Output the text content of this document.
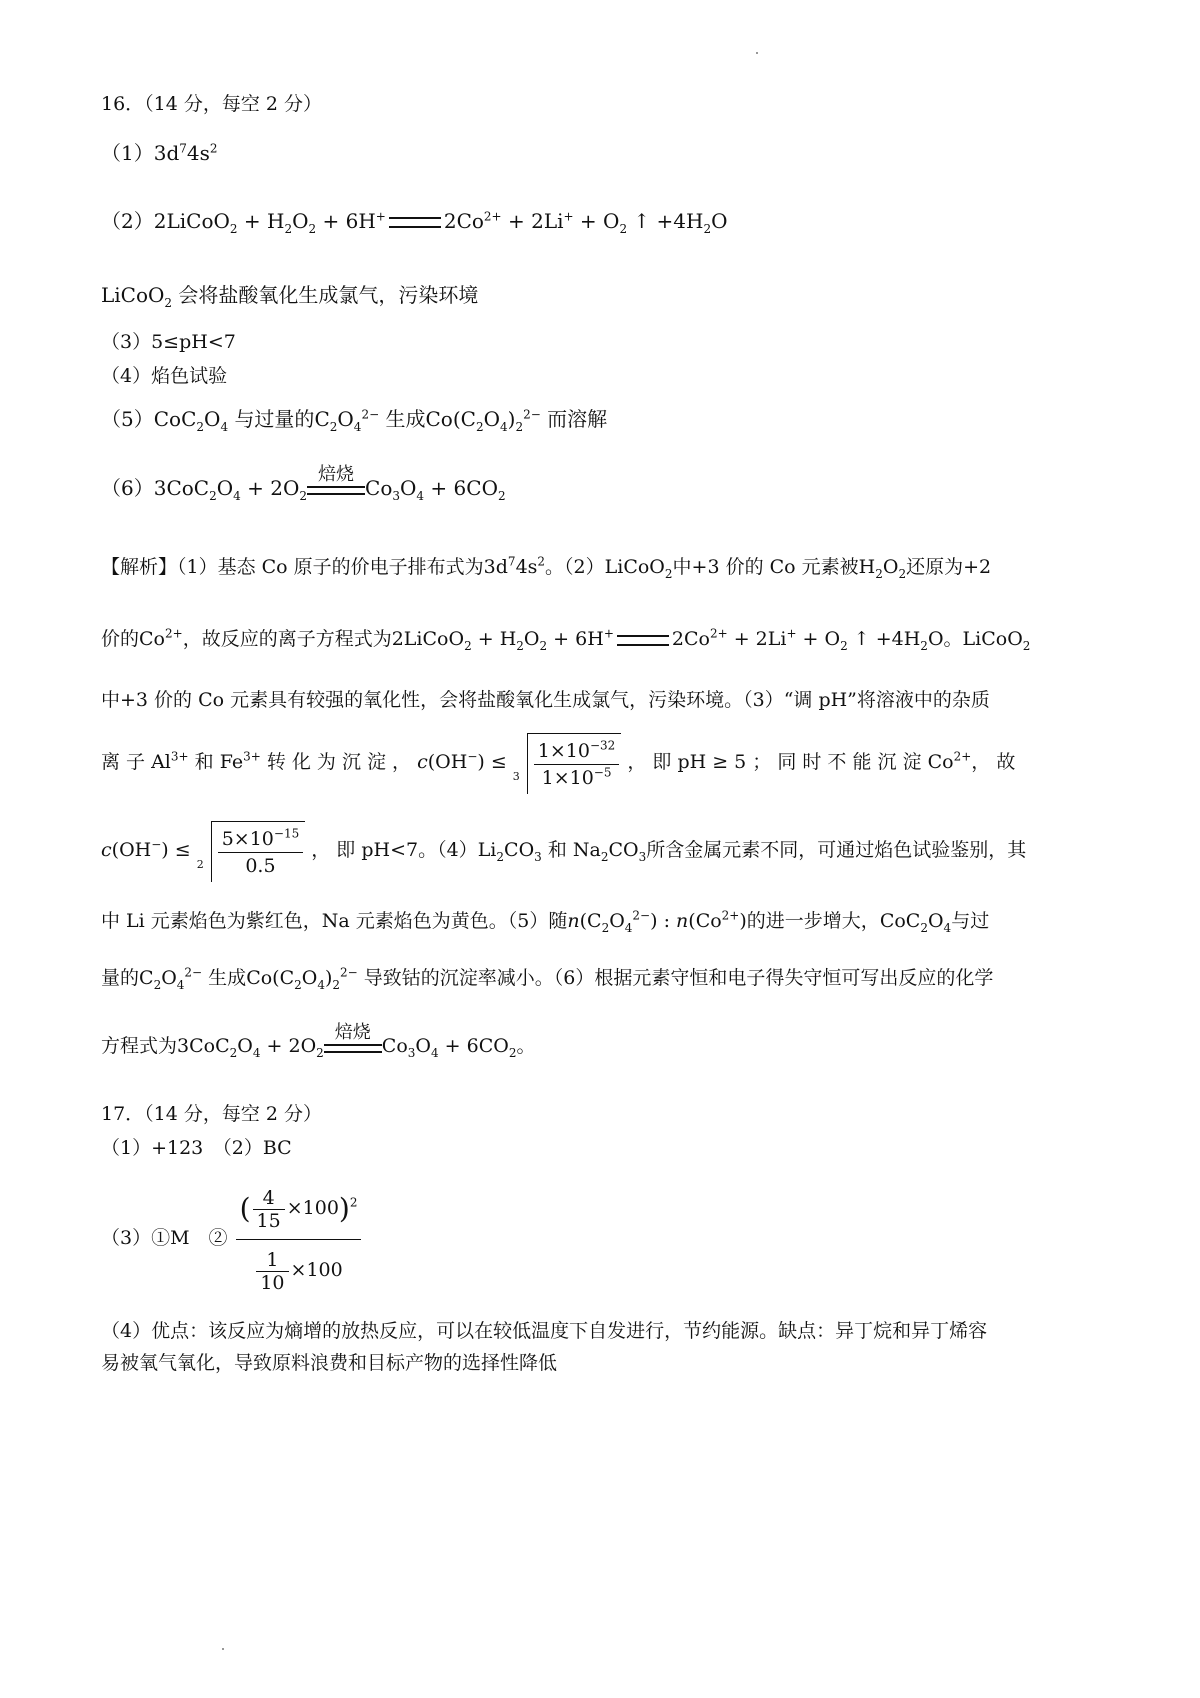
16．（14 分，每空 2 分）
$(1)3d^74s^2$
（2）2LiCoO$_2$ + $H_2O_2 + 6H^+$	$2Co^{2+} + 2Li^+ + O_2$ ↑ $+4H_2O$
LiCoO$_2$ 会将盐酸氧化生成氯气，污染环境
（3）5≤pH<7
（4）焰色试验
$(5)CoC_2O_4$ 与过量的$C_2O_4^{2-}$ 生成$Co(C_2O_4)_2^{2-}$ 而溶解
$(6)3CoC_2O_4 + 2O_2$
焙烧
$Co_3O_4 + 6CO_2$
【解析】（1）基态 Co 原子的价电子排布式为$3d^74s^2$。（2）LiCoO$_2$中+3 价的 Co 元素被$H_2O_2$还原为+2
价的$Co^{2+}$，故反应的离子方程式为2LiCoO$_2$ + $H_2O_2 + 6H^+$	$2Co^{2+} + 2Li^+ + O_2$ ↑ $+4H_2O$。LiCoO$_2$
中+3 价的 Co 元素具有较强的氧化性，会将盐酸氧化生成氯气，污染环境。（3）“调 pH”将溶液中的杂质
离 子 $Al^{3+}$ 和 $Fe^{3+}$ 转 化 为 沉 淀 ， c(OH−) ≤
$3 \frac{1\times 10^{-32}}{1\times 10^{-5}}$ ， 即 pH ≥ 5 ； 同 时 不 能 沉 淀 $Co^{2+}$， 故
c(OH−) ≤
$2 \frac{5\times 10^{-15}}{0.5}$ ， 即 pH<7。$(4)Li_2CO_3$ 和 $Na_2CO_3$所含金属元素不同，可通过焰色试验鉴别，其
中 Li 元素焰色为紫红色，Na 元素焰色为黄色。（5）随$n(C_2O_4^{2-})$ : $n(Co^{2+})$的进一步增大，$CoC_2O_4$与过
量的$C_2O_4^{2-}$ 生成$Co(C_2O_4)_2^{2-}$ 导致钴的沉淀率减小。（6）根据元素守恒和电子得失守恒可写出反应的化学
方程式为$3CoC_2O_4 + 2O_2$
焙烧
$Co_3O_4 + 6CO_2$。
17．（14 分，每空 2 分）
（1）+123　（2）BC
（3）①M　② $\frac{( \frac{4}{15} \times 100)^2}{\frac{1}{10} \times 100}$
（4）优点：该反应为熵增的放热反应，可以在较低温度下自发进行，节约能源。缺点：异丁烷和异丁烯容
易被氧气氧化，导致原料浪费和目标产物的选择性降低
